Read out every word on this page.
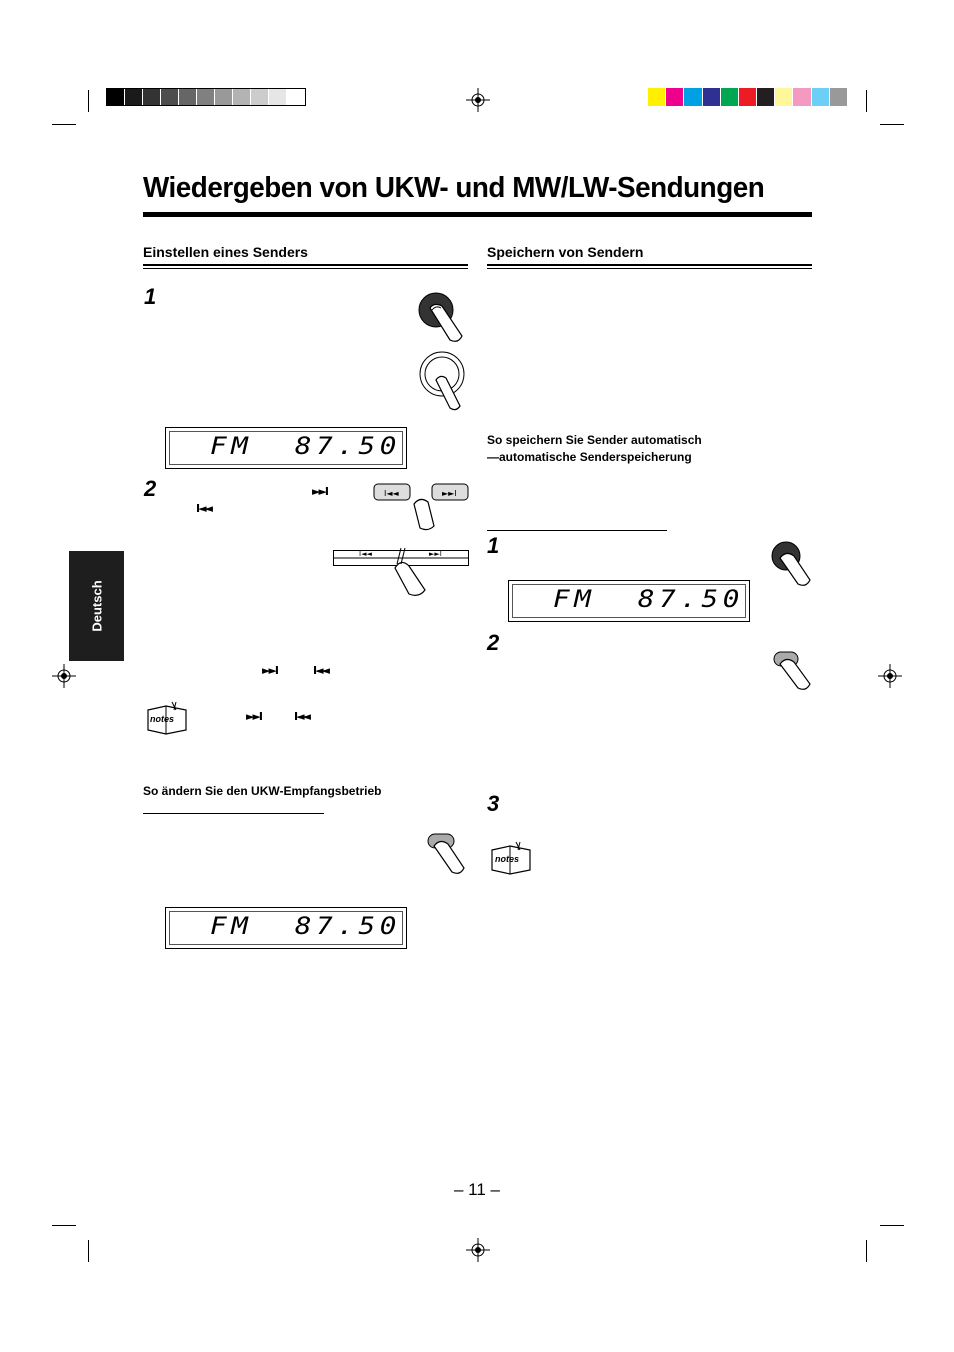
Wiedergeben von UKW- und MW/LW-Sendungen
Deutsch
Einstellen eines Senders
1
FM  87.50
2	►►I
I◄◄
I◄◄	►►I
I◄◄	►►I
►►I	I◄◄
notes	►►I	I◄◄
So ändern Sie den UKW-Empfangsbetrieb
FM  87.50
Speichern von Sendern
So speichern Sie Sender automatisch
—automatische Senderspeicherung
1
FM  87.50
2
3
notes
– 11 –
